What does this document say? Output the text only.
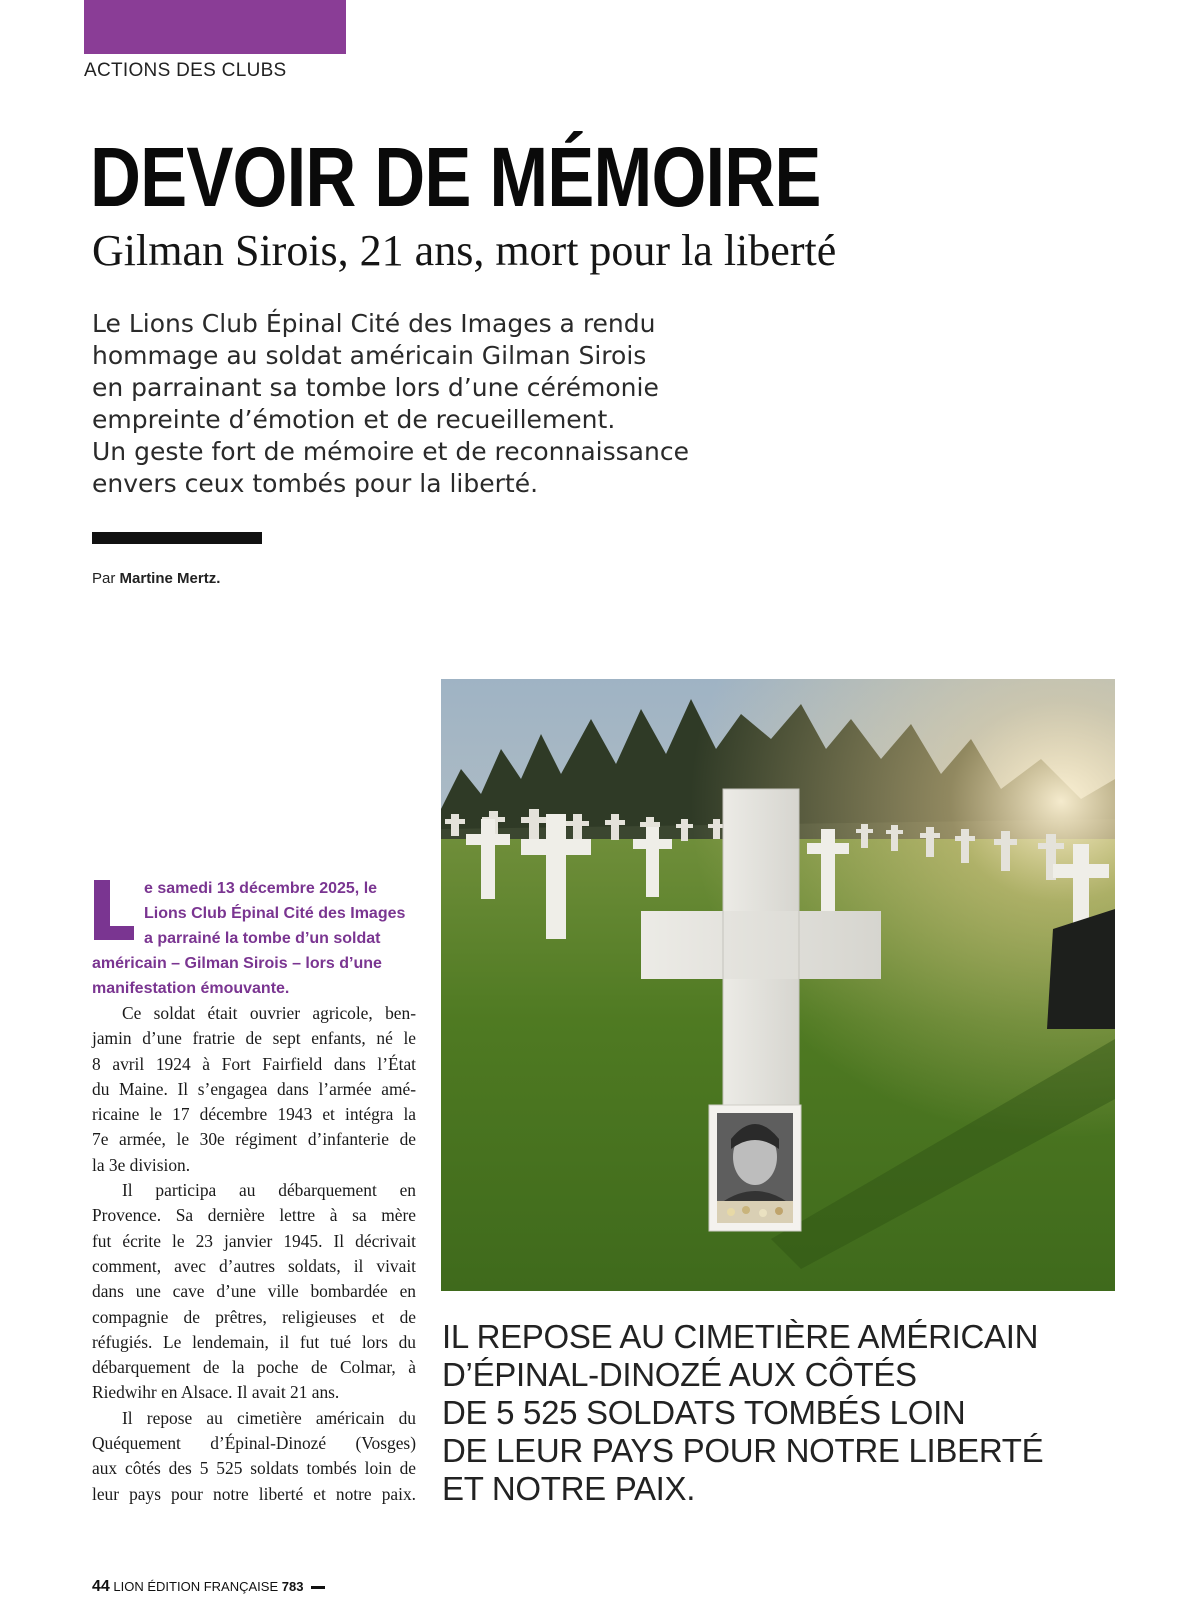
ACTIONS DES CLUBS
DEVOIR DE MÉMOIRE
Gilman Sirois, 21 ans, mort pour la liberté
Le Lions Club Épinal Cité des Images a rendu
hommage au soldat américain Gilman Sirois
en parrainant sa tombe lors d’une cérémonie
empreinte d’émotion et de recueillement.
Un geste fort de mémoire et de reconnaissance
envers ceux tombés pour la liberté.
Par Martine Mertz.
e samedi 13 décembre 2025, le
Lions Club Épinal Cité des Images
a parrainé la tombe d’un soldat
américain – Gilman Sirois – lors d’une
manifestation émouvante.
Ce soldat était ouvrier agricole, ben-
jamin d’une fratrie de sept enfants, né le
8 avril 1924 à Fort Fairfield dans l’État
du Maine. Il s’engagea dans l’armée amé-
ricaine le 17 décembre 1943 et intégra la
7e armée, le 30e régiment d’infanterie de
la 3e division.
Il participa au débarquement en
Provence. Sa dernière lettre à sa mère
fut écrite le 23 janvier 1945. Il décrivait
comment, avec d’autres soldats, il vivait
dans une cave d’une ville bombardée en
compagnie de prêtres, religieuses et de
réfugiés. Le lendemain, il fut tué lors du
débarquement de la poche de Colmar, à
Riedwihr en Alsace. Il avait 21 ans.
Il repose au cimetière américain du
Quéquement d’Épinal-Dinozé (Vosges)
aux côtés des 5 525 soldats tombés loin de
leur pays pour notre liberté et notre paix.
IL REPOSE AU CIMETIÈRE AMÉRICAIN
D’ÉPINAL-DINOZÉ AUX CÔTÉS
DE 5 525 SOLDATS TOMBÉS LOIN
DE LEUR PAYS POUR NOTRE LIBERTÉ
ET NOTRE PAIX.
44 LION ÉDITION FRANÇAISE 783
